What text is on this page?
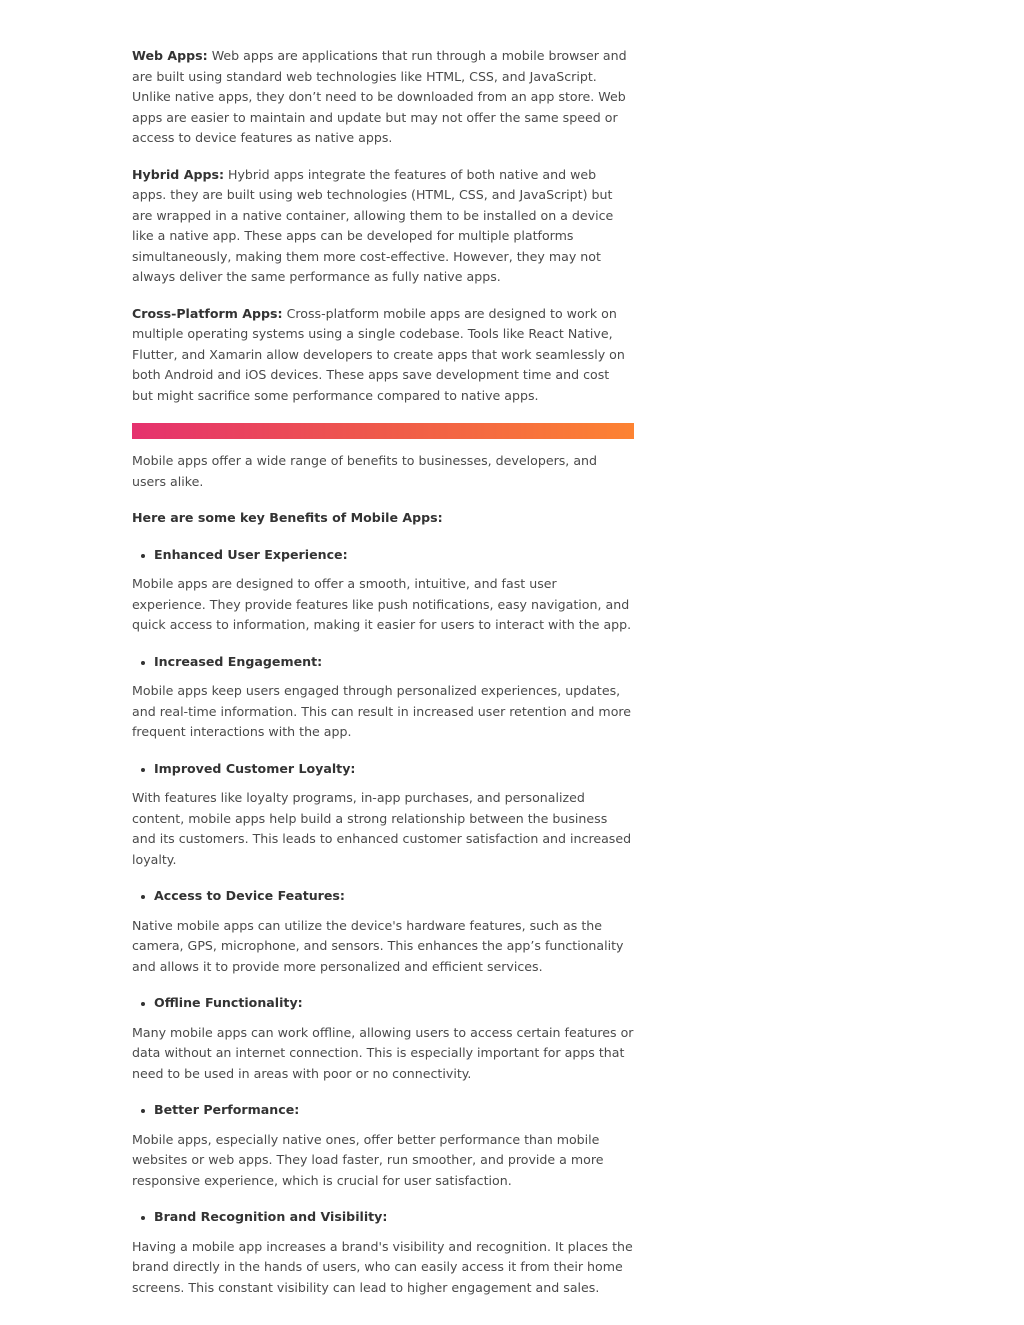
Web Apps: Web apps are applications that run through a mobile browser and are built using standard web technologies like HTML, CSS, and JavaScript. Unlike native apps, they don’t need to be downloaded from an app store. Web apps are easier to maintain and update but may not offer the same speed or access to device features as native apps.

Hybrid Apps: Hybrid apps integrate the features of both native and web apps. they are built using web technologies (HTML, CSS, and JavaScript) but are wrapped in a native container, allowing them to be installed on a device like a native app. These apps can be developed for multiple platforms simultaneously, making them more cost-effective. However, they may not always deliver the same performance as fully native apps.

Cross-Platform Apps: Cross-platform mobile apps are designed to work on multiple operating systems using a single codebase. Tools like React Native, Flutter, and Xamarin allow developers to create apps that work seamlessly on both Android and iOS devices. These apps save development time and cost but might sacrifice some performance compared to native apps.

Mobile apps offer a wide range of benefits to businesses, developers, and users alike.

Here are some key Benefits of Mobile Apps:
Enhanced User Experience:

Mobile apps are designed to offer a smooth, intuitive, and fast user experience. They provide features like push notifications, easy navigation, and quick access to information, making it easier for users to interact with the app.

Increased Engagement:

Mobile apps keep users engaged through personalized experiences, updates, and real-time information. This can result in increased user retention and more frequent interactions with the app.

Improved Customer Loyalty:

With features like loyalty programs, in-app purchases, and personalized content, mobile apps help build a strong relationship between the business and its customers. This leads to enhanced customer satisfaction and increased loyalty.

Access to Device Features:

Native mobile apps can utilize the device's hardware features, such as the camera, GPS, microphone, and sensors. This enhances the app’s functionality and allows it to provide more personalized and efficient services.

Offline Functionality:

Many mobile apps can work offline, allowing users to access certain features or data without an internet connection. This is especially important for apps that need to be used in areas with poor or no connectivity.

Better Performance:

Mobile apps, especially native ones, offer better performance than mobile websites or web apps. They load faster, run smoother, and provide a more responsive experience, which is crucial for user satisfaction.

Brand Recognition and Visibility:

Having a mobile app increases a brand's visibility and recognition. It places the brand directly in the hands of users, who can easily access it from their home screens. This constant visibility can lead to higher engagement and sales.
